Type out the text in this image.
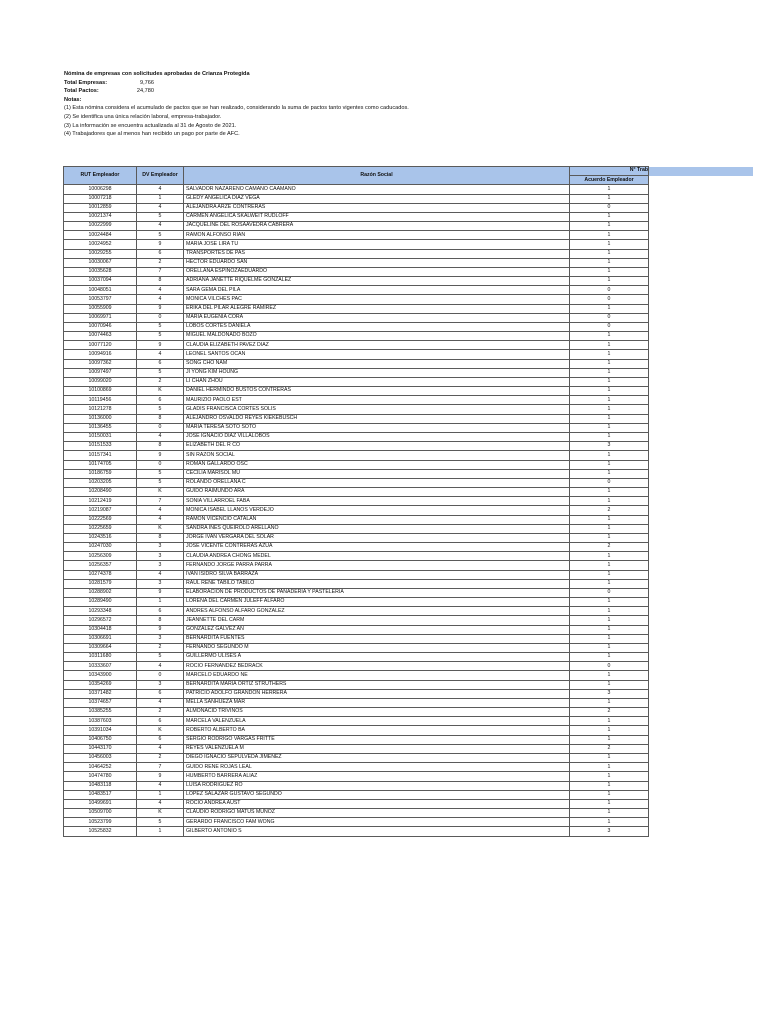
Nómina de empresas con solicitudes aprobadas de Crianza Protegida
Total Empresas:	9,766
Total Pactos:	24,780
Notas:
(1) Esta nómina considera el acumulado de pactos que se han realizado, considerando la suma de pactos tanto vigentes como caducados.
(2) Se identifica una única relación laboral, empresa-trabajador.
(3) La información se encuentra actualizada al 31 de Agosto de 2021.
(4) Trabajadores que al menos han recibido un pago por parte de AFC.
RUT Empleador	DV Empleador	Razón Social	N° Trab	
			Acuerdo Empleador	
10006298	4	SALVADOR NAZARENO CAMANO CAAMANO	1	
10007218	1	GLEDY ANGELICA DIAZ VEGA	1	
10012859	4	ALEJANDRA ARZE CONTRERAS	0	
10021374	5	CARMEN ANGELICA SKALWEIT RUDLOFF	1	
10022999	4	JACQUELINE DEL ROSAAVEDRA CABRERA	1	
10024484	5	RAMON ALFONSO RIAN	1	
10024952	9	MARIA JOSE LIRA TU	1	
10029255	6	TRANSPORTES DE PAS	1	
10030067	2	HECTOR EDUARDO SAN	1	
10035628	7	ORELLANA ESPINOZAEDUARDO	1	
10037094	8	ADRIANA JANETTE RIQUELME GONZALEZ	1	
10048051	4	SARA GEMA DEL PILA	0	
10053797	4	MONICA VILCHES PAC	0	
10055909	9	ERIKA DEL PILAR ALEGRE RAMIREZ	1	
10069971	0	MARIA EUGENIA CORA	0	
10070946	5	LOBOS CORTES DANIELA	0	
10074463	5	MIGUEL MALDONADO BOZO	1	
10077120	9	CLAUDIA ELIZABETH PAVEZ DIAZ	1	
10094916	4	LEONEL SANTOS OCAN	1	
10097362	6	SONG CHO NAM	1	
10097497	5	JI YONG KIM HOUNG	1	
10099020	2	LI CHAN ZHOU	1	
10100869	K	DANIEL HERMINDO BUSTOS CONTRERAS	1	
10119456	6	MAURIZIO PAOLO EST	1	
10121278	5	GLADIS FRANCISCA CORTES SOLIS	1	
10136000	8	ALEJANDRO OSVALDO REYES KIEKEBUSCH	1	
10136455	0	MARIA TERESA SOTO SOTO	1	
10150031	4	JOSE IGNACIO DIAZ VILLALOBOS	1	
10151533	8	ELIZABETH DEL R CO	3	
10157341	9	SIN RAZON SOCIAL	1	
10174705	0	ROMAN GALLARDO OSC	1	
10186759	5	CECILIA MARISOL MU	1	
10203205	5	ROLANDO ORELLANA C	0	
10208490	K	GUIDO RAIMUNDO ARA	1	
10212419	7	SONIA VILLARROEL FABA	1	
10219087	4	MONICA ISABEL LLANOS VERDEJO	2	
10222569	4	RAMON VICENCIO CATALAN	1	
10225659	K	SANDRA INES QUEIROLO ARELLANO	1	
10243516	8	JORGE IVAN VERGARA DEL SOLAR	1	
10247030	3	JOSE VICENTE CONTRERAS AZUA	2	
10256309	3	CLAUDIA ANDREA CHONG MEDEL	1	
10256357	3	FERNANDO JORGE PARRA PARRA	1	
10274378	4	IVAN ISIDRO SILVA BARRAZA	1	
10281579	3	RAUL RENE TABILO TABILO	1	
10288902	9	ELABORACION DE PRODUCTOS DE PANADERIA Y PASTELERIA	0	
10289490	1	LORENA DEL CARMEN JULEFF ALFARO	1	
10293348	6	ANDRES ALFONSO ALFARO GONZALEZ	1	
10296572	8	JEANNETTE DEL CARM	1	
10304418	9	GONZALEZ GALVEZ AN	1	
10306691	3	BERNARDITA FUENTES	1	
10309664	2	FERNANDO SEGUNDO M	1	
10311680	5	GUILLERMO ULISES A	1	
10333607	4	ROCIO FERNANDEZ BEDRACK	0	
10343900	0	MARCELO EDUARDO NE	1	
10354269	3	BERNARDITA MARIA ORTIZ STRUTHERS	1	
10371482	6	PATRICIO ADOLFO GRANDON HERRERA	3	
10374657	4	MELLA SANHUEZA MAR	1	
10385255	2	ALMONACID TRIVINOS	2	
10387603	6	MARCELA VALENZUELA	1	
10391034	K	ROBERTO ALBERTO BA	1	
10406750	6	SERGIO RODRIGO VARGAS FRITTE	1	
10443170	4	REYES VALENZUELA M	2	
10456003	2	DIEGO IGNACIO SEPULVEDA JIMENEZ	1	
10464252	7	GUIDO RENE ROJAS LEAL	1	
10474780	9	HUMBERTO BARRERA ALIAZ	1	
10483118	4	LUISA RODRIGUEZ RO	1	
10483517	1	LOPEZ SALAZAR GUSTAVO SEGUNDO	1	
10499691	4	ROCIO ANDREA AUST	1	
10509700	K	CLAUDIO RODRIGO MATUS MUNOZ	1	
10523799	5	GERARDO FRANCISCO FAM WONG	1	
10525832	1	GILBERTO ANTONIO S	3	
